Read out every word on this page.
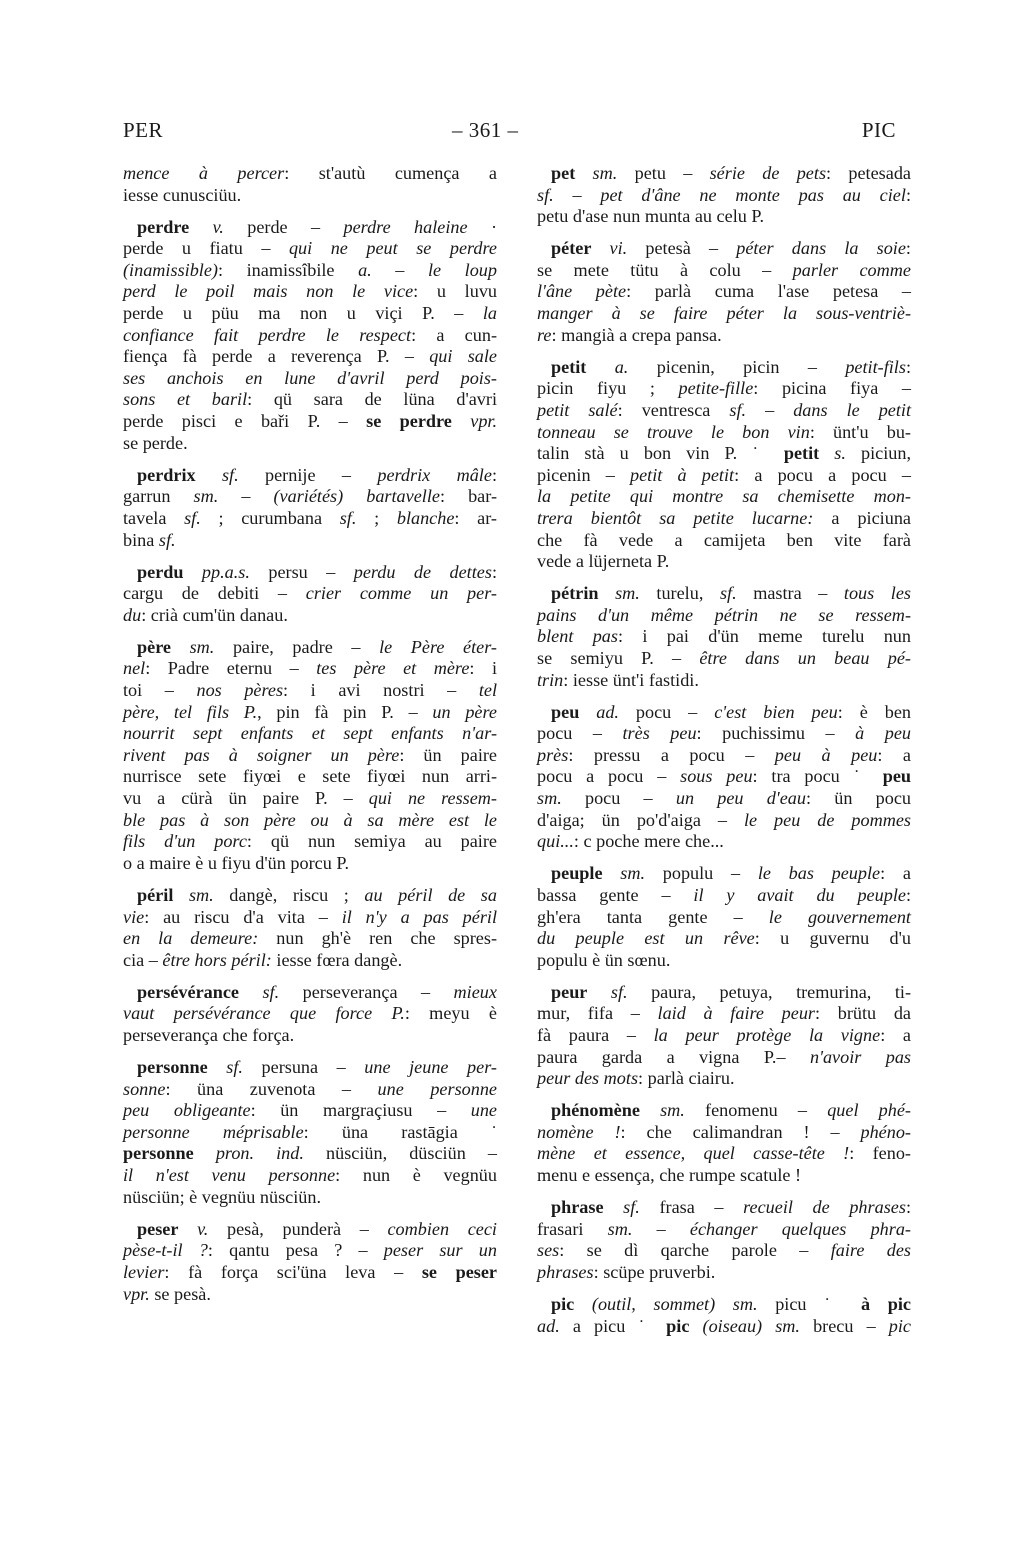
PER	– 361 –	PIC
mence à percer: st'autù cumença a
iesse cunusciüu.
perdre v. perde – perdre haleine ·
perde u fiatu – qui ne peut se perdre
(inamissible): inamissîbile a. – le loup
perd le poil mais non le vice: u luvu
perde u püu ma non u viçi P. – la
confiance fait perdre le respect: a cun-
fiença fà perde a reverença P. – qui sale
ses anchois en lune d'avril perd pois-
sons et baril: qü sara de lüna d'avri
perde pisci e baři P. – se perdre vpr.
se perde.
perdrix sf. pernije – perdrix mâle:
garrun sm. – (variétés) bartavelle: bar-
tavela sf. ; curumbana sf. ; blanche: ar-
bina sf.
perdu pp.a.s. persu – perdu de dettes:
cargu de debiti – crier comme un per-
du: crià cum'ün danau.
père sm. paire, padre – le Père éter-
nel: Padre eternu – tes père et mère: i
toi – nos pères: i avi nostri – tel
père, tel fils P., pin fà pin P. – un père
nourrit sept enfants et sept enfants n'ar-
rivent pas à soigner un père: ün paire
nurrisce sete fiyœi e sete fiyœi nun arri-
vu a cürà ün paire P. – qui ne ressem-
ble pas à son père ou à sa mère est le
fils d'un porc: qü nun semiya au paire
o a maire è u fiyu d'ün porcu P.
péril sm. dangè, riscu ; au péril de sa
vie: au riscu d'a vita – il n'y a pas péril
en la demeure: nun gh'è ren che spres-
cia – être hors péril: iesse fœra dangè.
persévérance sf. perseverança – mieux
vaut persévérance que force P.: meyu è
perseverança che força.
personne sf. persuna – une jeune per-
sonne: üna zuvenota – une personne
peu obligeante: ün margraçiusu – une
personne méprisable: üna rastāgia ˙
personne pron. ind. nüsciün, düsciün –
il n'est venu personne: nun è vegnüu
nüsciün; è vegnüu nüsciün.
peser v. pesà, punderà – combien ceci
pèse-t-il ?: qantu pesa ? – peser sur un
levier: fà força sci'üna leva – se peser
vpr. se pesà.
pet sm. petu – série de pets: petesada
sf. – pet d'âne ne monte pas au ciel:
petu d'ase nun munta au celu P.
péter vi. petesà – péter dans la soie:
se mete tütu à colu – parler comme
l'âne pète: parlà cuma l'ase petesa –
manger à se faire péter la sous-ventriè-
re: mangià a crepa pansa.
petit a. picenin, picin – petit-fils:
picin fiyu ; petite-fille: picina fiya –
petit salé: ventresca sf. – dans le petit
tonneau se trouve le bon vin: ünt'u bu-
talin stà u bon vin P. ˙ petit s. piciun,
picenin – petit à petit: a pocu a pocu –
la petite qui montre sa chemisette mon-
trera bientôt sa petite lucarne: a piciuna
che fà vede a camijeta ben vite farà
vede a lüjerneta P.
pétrin sm. turelu, sf. mastra – tous les
pains d'un même pétrin ne se ressem-
blent pas: i pai d'ün meme turelu nun
se semiyu P. – être dans un beau pé-
trin: iesse ünt'i fastidi.
peu ad. pocu – c'est bien peu: è ben
pocu – très peu: puchissimu – à peu
près: pressu a pocu – peu à peu: a
pocu a pocu – sous peu: tra pocu ˙ peu
sm. pocu – un peu d'eau: ün pocu
d'aiga; ün po'd'aiga – le peu de pommes
qui...: c poche mere che...
peuple sm. populu – le bas peuple: a
bassa gente – il y avait du peuple:
gh'era tanta gente – le gouvernement
du peuple est un rêve: u guvernu d'u
populu è ün sœnu.
peur sf. paura, petuya, tremurina, ti-
mur, fifa – laid à faire peur: brütu da
fà paura – la peur protège la vigne: a
paura garda a vigna P.– n'avoir pas
peur des mots: parlà ciairu.
phénomène sm. fenomenu – quel phé-
nomène !: che calimandran ! – phéno-
mène et essence, quel casse-tête !: feno-
menu e essença, che rumpe scatule !
phrase sf. frasa – recueil de phrases:
frasari sm. – échanger quelques phra-
ses: se dì qarche parole – faire des
phrases: scüpe pruverbi.
pic (outil, sommet) sm. picu ˙ à pic
ad. a picu ˙ pic (oiseau) sm. brecu – pic
